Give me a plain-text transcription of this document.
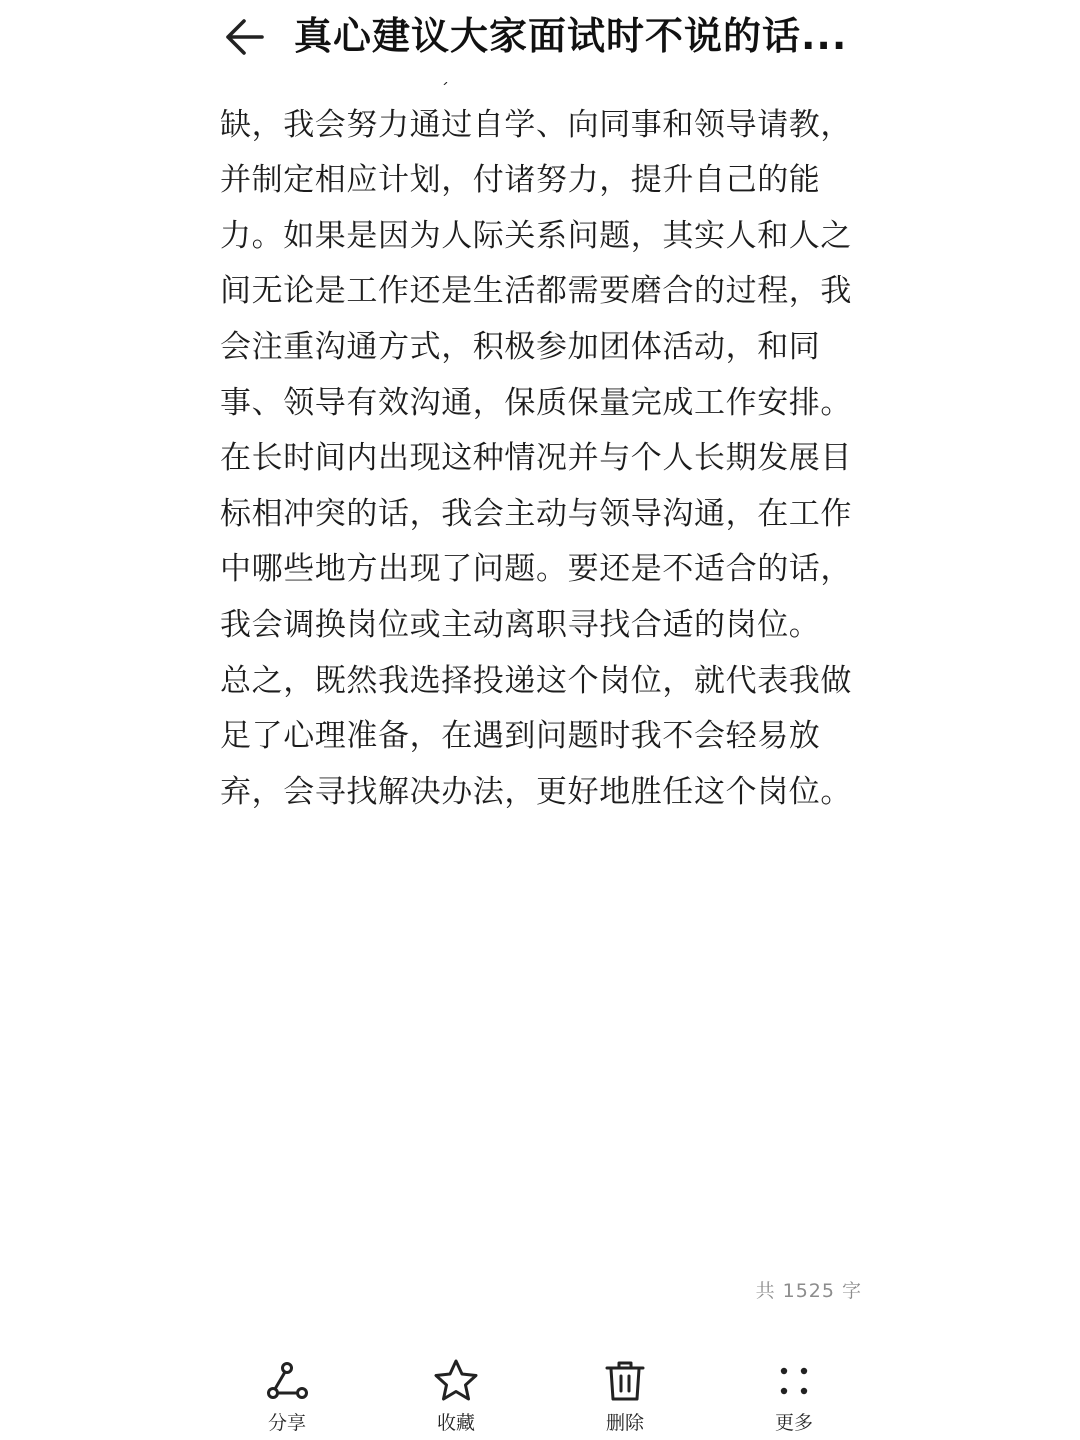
真心建议大家面试时不说的话...

缺，我会努力通过自学、向同事和领导请教，并制定相应计划，付诸努力，提升自己的能力。如果是因为人际关系问题，其实人和人之间无论是工作还是生活都需要磨合的过程，我会注重沟通方式，积极参加团体活动，和同事、领导有效沟通，保质保量完成工作安排。

在长时间内出现这种情况并与个人长期发展目标相冲突的话，我会主动与领导沟通，在工作中哪些地方出现了问题。要还是不适合的话，我会调换岗位或主动离职寻找合适的岗位。

总之，既然我选择投递这个岗位，就代表我做足了心理准备，在遇到问题时我不会轻易放弃，会寻找解决办法，更好地胜任这个岗位。

共 1525 字
分享	收藏	删除	更多
